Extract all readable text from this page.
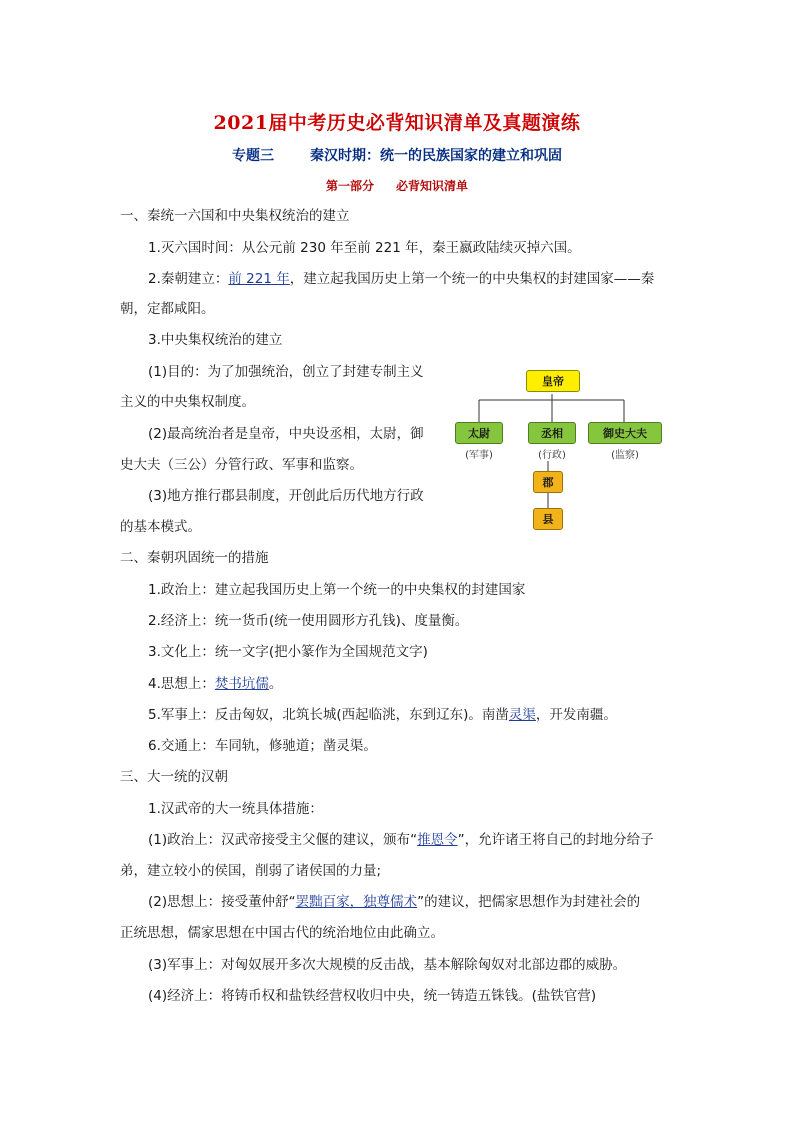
2021届中考历史必背知识清单及真题演练
专题三	秦汉时期：统一的民族国家的建立和巩固
第一部分 必背知识清单
一、秦统一六国和中央集权统治的建立
1.灭六国时间：从公元前 230 年至前 221 年，秦王嬴政陆续灭掉六国。
2.秦朝建立：前 221 年，建立起我国历史上第一个统一的中央集权的封建国家——秦
朝，定都咸阳。
3.中央集权统治的建立
(1)目的：为了加强统治，创立了封建专制主义
主义的中央集权制度。
(2)最高统治者是皇帝，中央设丞相，太尉，御
史大夫（三公）分管行政、军事和监察。
(3)地方推行郡县制度，开创此后历代地方行政
的基本模式。
皇帝
太尉	丞相	御史大夫
(军事)	(行政)	(监察)
郡
县
二、秦朝巩固统一的措施
1.政治上：建立起我国历史上第一个统一的中央集权的封建国家
2.经济上：统一货币(统一使用圆形方孔钱)、度量衡。
3.文化上：统一文字(把小篆作为全国规范文字)
4.思想上：焚书坑儒。
5.军事上：反击匈奴，北筑长城(西起临洮，东到辽东)。南凿灵渠，开发南疆。
6.交通上：车同轨，修驰道；凿灵渠。
三、大一统的汉朝
1.汉武帝的大一统具体措施：
(1)政治上：汉武帝接受主父偃的建议，颁布“推恩令”，允许诸王将自己的封地分给子
弟，建立较小的侯国，削弱了诸侯国的力量;
(2)思想上：接受董仲舒“罢黜百家，独尊儒术”的建议，把儒家思想作为封建社会的
正统思想，儒家思想在中国古代的统治地位由此确立。
(3)军事上：对匈奴展开多次大规模的反击战，基本解除匈奴对北部边郡的威胁。
(4)经济上：将铸币权和盐铁经营权收归中央，统一铸造五铢钱。(盐铁官营)
